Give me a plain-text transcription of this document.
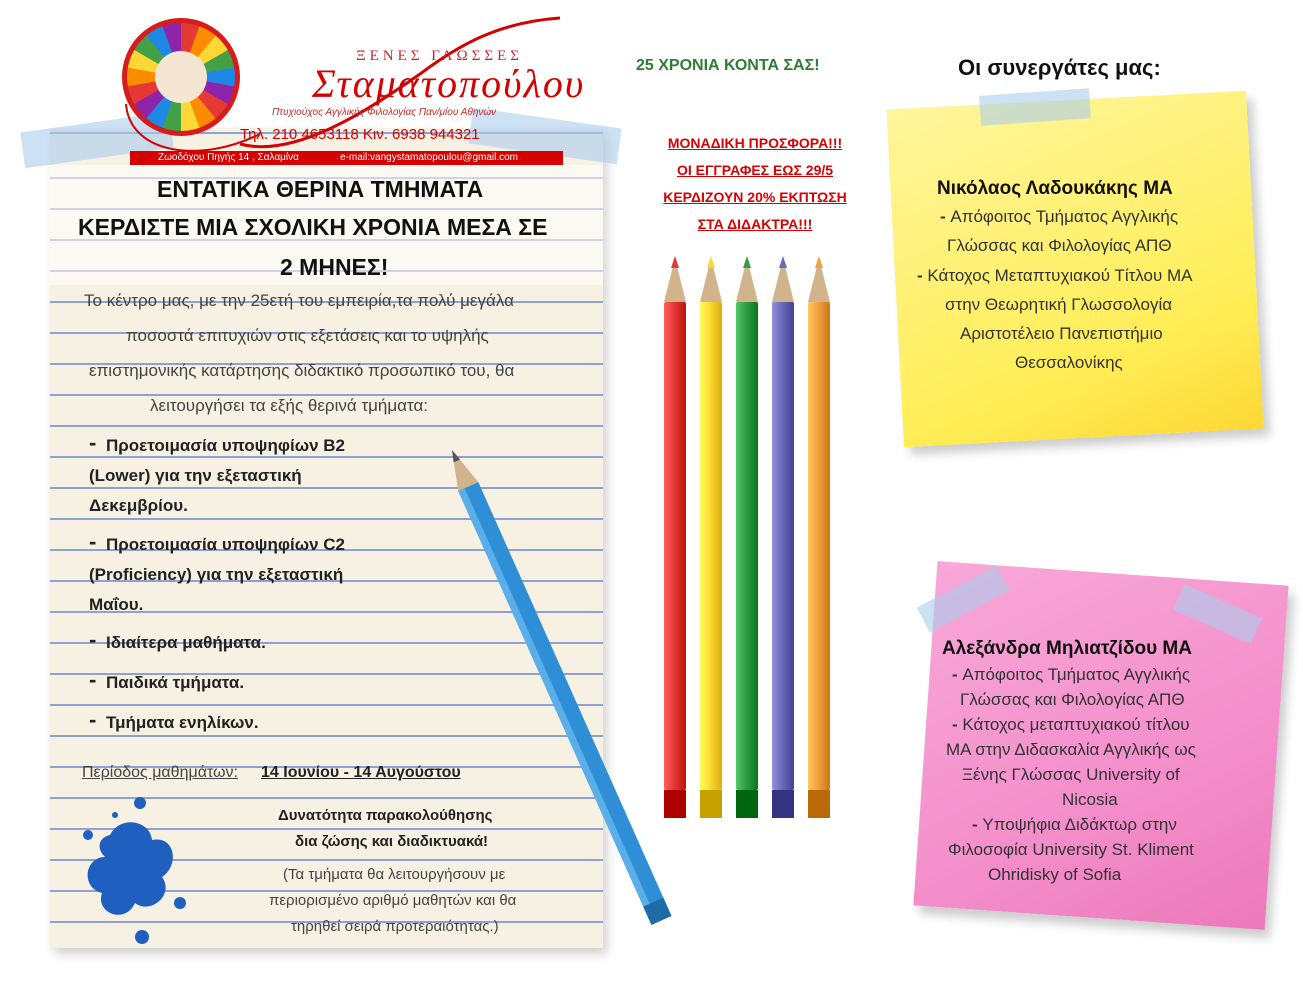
ΞΕΝΕΣ ΓΛΩΣΣΕΣ
Σταματοπούλου
Πτυχιούχος Αγγλικής Φιλολογίας Παν/μίου Αθηνών
Τηλ. 210 4653118 Κιν. 6938 944321
Ζωοδόχου Πηγής 14 , Σαλαμίνα	e-mail:vangystamatopoulou@gmail.com
ΕΝΤΑΤΙΚΑ ΘΕΡΙΝΑ ΤΜΗΜΑΤΑ
ΚΕΡΔΙΣΤΕ ΜΙΑ ΣΧΟΛΙΚΗ ΧΡΟΝΙΑ ΜΕΣΑ ΣΕ
2 ΜΗΝΕΣ!
Το κέντρο μας, με την 25ετή του εμπειρία,τα πολύ μεγάλα
ποσοστά επιτυχιών στις εξετάσεις και το υψηλής
επιστημονικής κατάρτησης διδακτικό προσωπικό του, θα
λειτουργήσει τα εξής θερινά τμήματα:
- Προετοιμασία υποψηφίων B2
(Lower) για την εξεταστική
Δεκεμβρίου.
- Προετοιμασία υποψηφίων C2
(Proficiency) για την εξεταστική
Μαΐου.
- Ιδιαίτερα μαθήματα.
- Παιδικά τμήματα.
- Τμήματα ενηλίκων.
Περίοδος μαθημάτων: 14 Ιουνίου - 14 Αυγούστου
Δυνατότητα παρακολούθησης
δια ζώσης και διαδικτυακά!
(Τα τμήματα θα λειτουργήσουν με
περιορισμένο αριθμό μαθητών και θα
τηρηθεί σειρά προτεραιότητας.)
25 ΧΡΟΝΙΑ ΚΟΝΤΑ ΣΑΣ!
ΜΟΝΑΔΙΚΗ ΠΡΟΣΦΟΡΑ!!!
ΟΙ ΕΓΓΡΑΦΕΣ ΕΩΣ 29/5
ΚΕΡΔΙΖΟΥΝ 20% ΕΚΠΤΩΣΗ
ΣΤΑ ΔΙΔΑΚΤΡΑ!!!
Οι συνεργάτες μας:
Νικόλαος Λαδουκάκης MA
- Απόφοιτος Τμήματος Αγγλικής
Γλώσσας και Φιλολογίας ΑΠΘ
- Κάτοχος Μεταπτυχιακού Τίτλου ΜΑ
στην Θεωρητική Γλωσσολογία
Αριστοτέλειο Πανεπιστήμιο
Θεσσαλονίκης
Αλεξάνδρα Μηλιατζίδου MA
- Απόφοιτος Τμήματος Αγγλικής
Γλώσσας και Φιλολογίας ΑΠΘ
- Κάτοχος μεταπτυχιακού τίτλου
ΜΑ στην Διδασκαλία Αγγλικής ως
Ξένης Γλώσσας University of
Nicosia
- Υποψήφια Διδάκτωρ στην
Φιλοσοφία University St. Kliment
Ohridisky of Sofia
